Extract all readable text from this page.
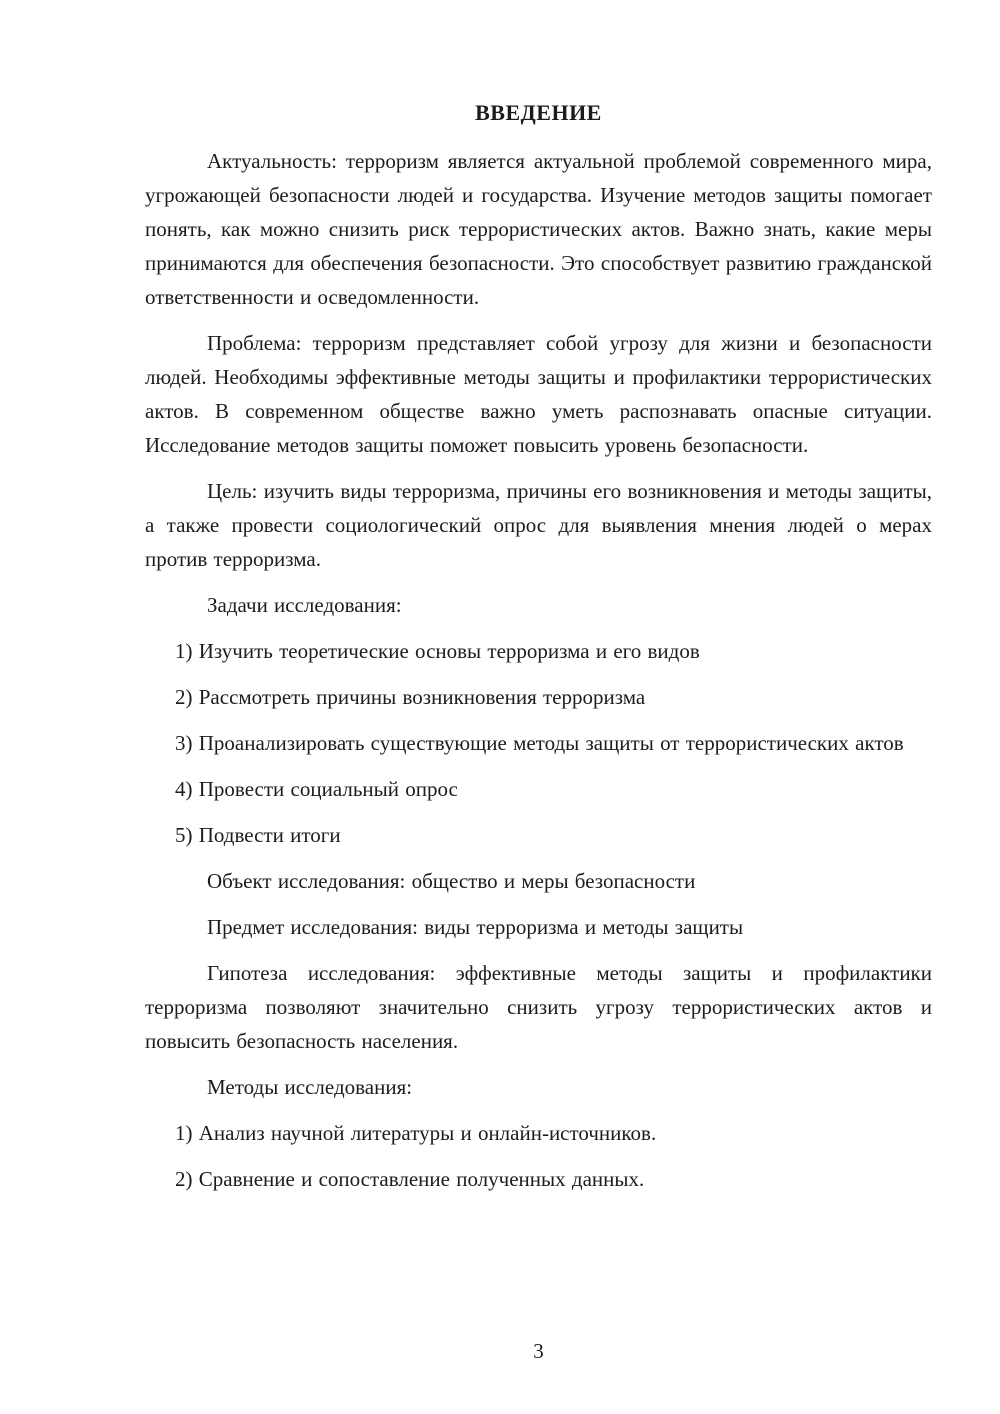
ВВЕДЕНИЕ

Актуальность: терроризм является актуальной проблемой современного мира, угрожающей безопасности людей и государства. Изучение методов защиты помогает понять, как можно снизить риск террористических актов. Важно знать, какие меры принимаются для обеспечения безопасности. Это способствует развитию гражданской ответственности и осведомленности.

Проблема: терроризм представляет собой угрозу для жизни и безопасности людей. Необходимы эффективные методы защиты и профилактики террористических актов. В современном обществе важно уметь распознавать опасные ситуации. Исследование методов защиты поможет повысить уровень безопасности.

Цель: изучить виды терроризма, причины его возникновения и методы защиты, а также провести социологический опрос для выявления мнения людей о мерах против терроризма.

Задачи исследования:

1) Изучить теоретические основы терроризма и его видов

2) Рассмотреть причины возникновения терроризма

3) Проанализировать существующие методы защиты от террористических актов

4) Провести социальный опрос

5) Подвести итоги

Объект исследования: общество и меры безопасности

Предмет исследования: виды терроризма и методы защиты

Гипотеза исследования: эффективные методы защиты и профилактики терроризма позволяют значительно снизить угрозу террористических актов и повысить безопасность населения.

Методы исследования:

1) Анализ научной литературы и онлайн-источников.

2) Сравнение и сопоставление полученных данных.

3
